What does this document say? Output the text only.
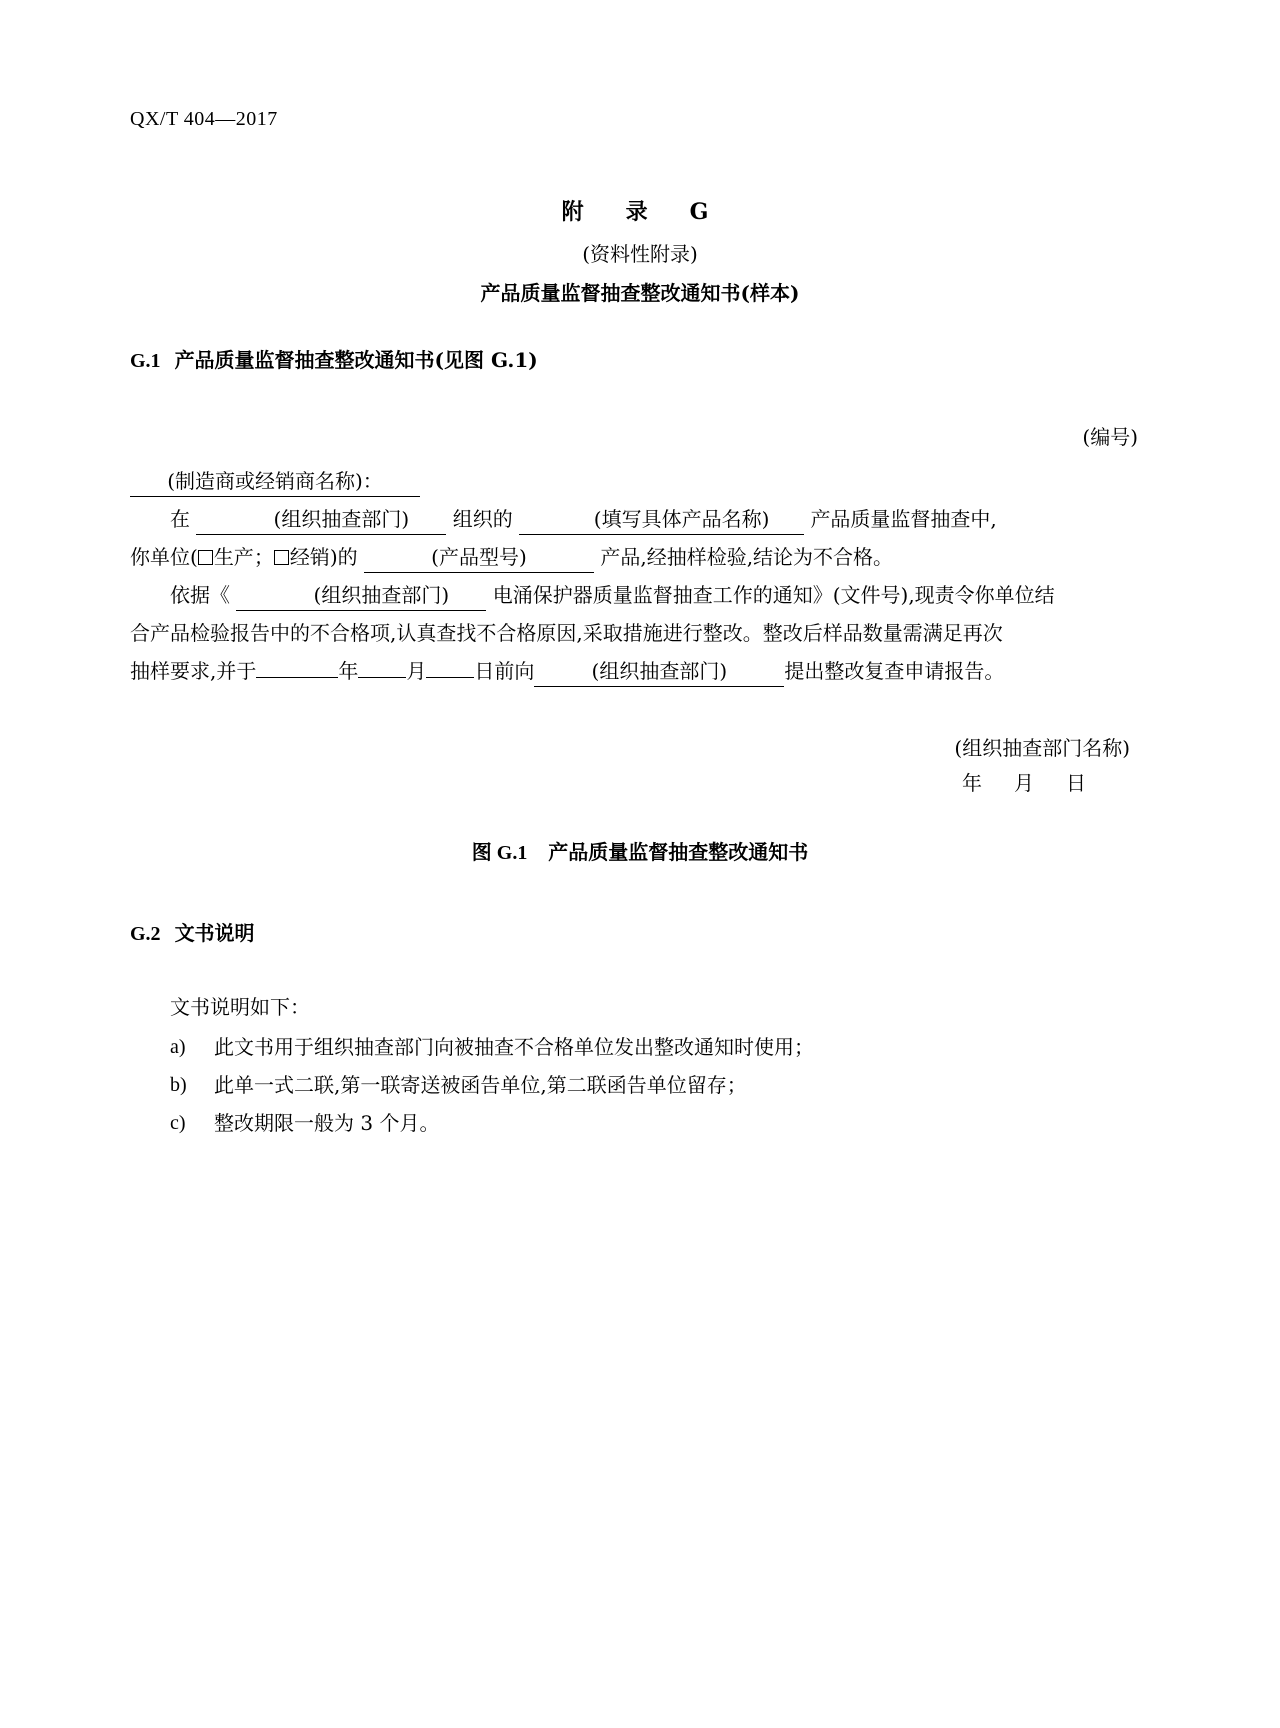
QX/T 404—2017
附　录　G
(资料性附录)
产品质量监督抽查整改通知书(样本)
G.1 产品质量监督抽查整改通知书(见图 G.1)
(编号)

(制造商或经销商名称)：

在	(组织抽查部门) 组织的	(填写具体产品名称) 产品质量监督抽查中,

你单位( 生产； 经销)的	(产品型号)	产品,经抽样检验,结论为不合格。

依据《	(组织抽查部门) 电涌保护器质量监督抽查工作的通知》(文件号),现责令你单位结

合产品检验报告中的不合格项,认真查找不合格原因,采取措施进行整改。整改后样品数量需满足再次

抽样要求,并于	年 月 日前向	(组织抽查部门)	提出整改复查申请报告。

(组织抽查部门名称)
年　月　日
图 G.1 产品质量监督抽查整改通知书
G.2 文书说明
文书说明如下：
a)	此文书用于组织抽查部门向被抽查不合格单位发出整改通知时使用；
b)	此单一式二联,第一联寄送被函告单位,第二联函告单位留存；
c)	整改期限一般为 3 个月。
